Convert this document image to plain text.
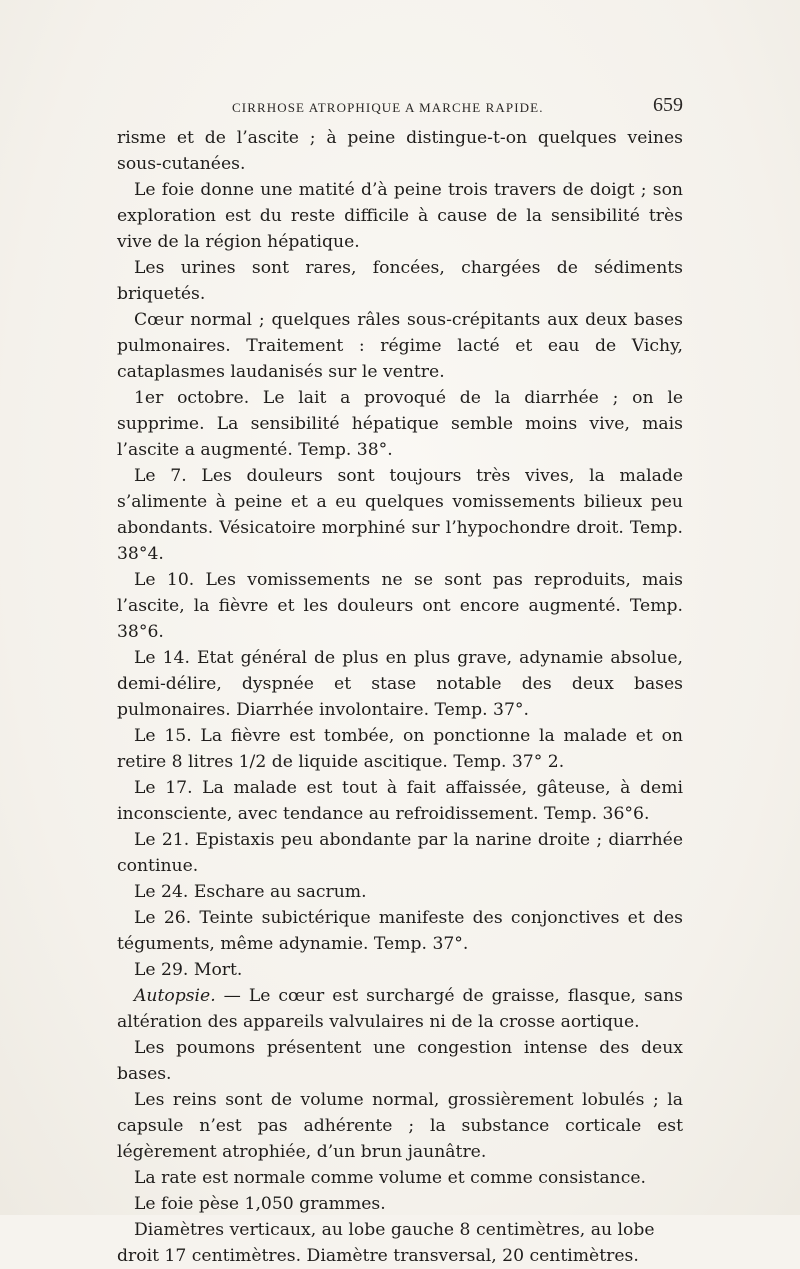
CIRRHOSE ATROPHIQUE A MARCHE RAPIDE.	659

risme et de l’ascite ; à peine distingue-t-on quelques veines sous-cutanées.

Le foie donne une matité d’à peine trois travers de doigt ; son exploration est du reste difficile à cause de la sensibilité très vive de la région hépatique.

Les urines sont rares, foncées, chargées de sédiments briquetés.

Cœur normal ; quelques râles sous-crépitants aux deux bases pulmonaires. Traitement : régime lacté et eau de Vichy, cataplasmes laudanisés sur le ventre.

1er octobre. Le lait a provoqué de la diarrhée ; on le supprime. La sensibilité hépatique semble moins vive, mais l’ascite a augmenté. Temp. 38°.

Le 7. Les douleurs sont toujours très vives, la malade s’alimente à peine et a eu quelques vomissements bilieux peu abondants. Vésicatoire morphiné sur l’hypochondre droit. Temp. 38°4.

Le 10. Les vomissements ne se sont pas reproduits, mais l’ascite, la fièvre et les douleurs ont encore augmenté. Temp. 38°6.

Le 14. Etat général de plus en plus grave, adynamie absolue, demi-délire, dyspnée et stase notable des deux bases pulmonaires. Diarrhée involontaire. Temp. 37°.

Le 15. La fièvre est tombée, on ponctionne la malade et on retire 8 litres 1/2 de liquide ascitique. Temp. 37° 2.

Le 17. La malade est tout à fait affaissée, gâteuse, à demi inconsciente, avec tendance au refroidissement. Temp. 36°6.

Le 21. Epistaxis peu abondante par la narine droite ; diarrhée continue.

Le 24. Eschare au sacrum.

Le 26. Teinte subictérique manifeste des conjonctives et des téguments, même adynamie. Temp. 37°.

Le 29. Mort.

Autopsie. — Le cœur est surchargé de graisse, flasque, sans altération des appareils valvulaires ni de la crosse aortique.

Les poumons présentent une congestion intense des deux bases.

Les reins sont de volume normal, grossièrement lobulés ; la capsule n’est pas adhérente ; la substance corticale est légèrement atrophiée, d’un brun jaunâtre.

La rate est normale comme volume et comme consistance.

Le foie pèse 1,050 grammes.

Diamètres verticaux, au lobe gauche 8 centimètres, au lobe droit 17 centimètres. Diamètre transversal, 20 centimètres.
